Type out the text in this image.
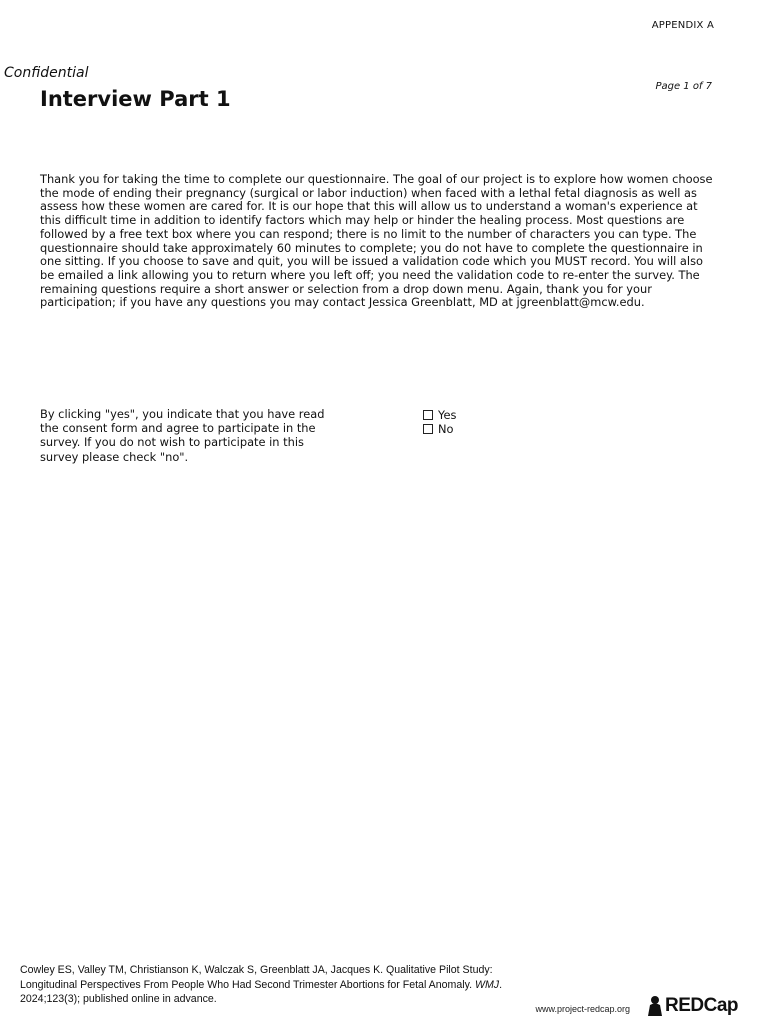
APPENDIX A
Confidential
Page 1 of 7
Interview Part 1

Thank you for taking the time to complete our questionnaire. The goal of our project is to explore how women choose the mode of ending their pregnancy (surgical or labor induction) when faced with a lethal fetal diagnosis as well as assess how these women are cared for. It is our hope that this will allow us to understand a woman's experience at this difficult time in addition to identify factors which may help or hinder the healing process. Most questions are followed by a free text box where you can respond; there is no limit to the number of characters you can type. The questionnaire should take approximately 60 minutes to complete; you do not have to complete the questionnaire in one sitting. If you choose to save and quit, you will be issued a validation code which you MUST record. You will also be emailed a link allowing you to return where you left off; you need the validation code to re-enter the survey. The remaining questions require a short answer or selection from a drop down menu. Again, thank you for your participation; if you have any questions you may contact Jessica Greenblatt, MD at jgreenblatt@mcw.edu.

By clicking "yes", you indicate that you have read the consent form and agree to participate in the survey. If you do not wish to participate in this survey please check "no".

Yes
No

Cowley ES, Valley TM, Christianson K, Walczak S, Greenblatt JA, Jacques K. Qualitative Pilot Study: Longitudinal Perspectives From People Who Had Second Trimester Abortions for Fetal Anomaly. WMJ. 2024;123(3); published online in advance.

www.project-redcap.org REDCap
